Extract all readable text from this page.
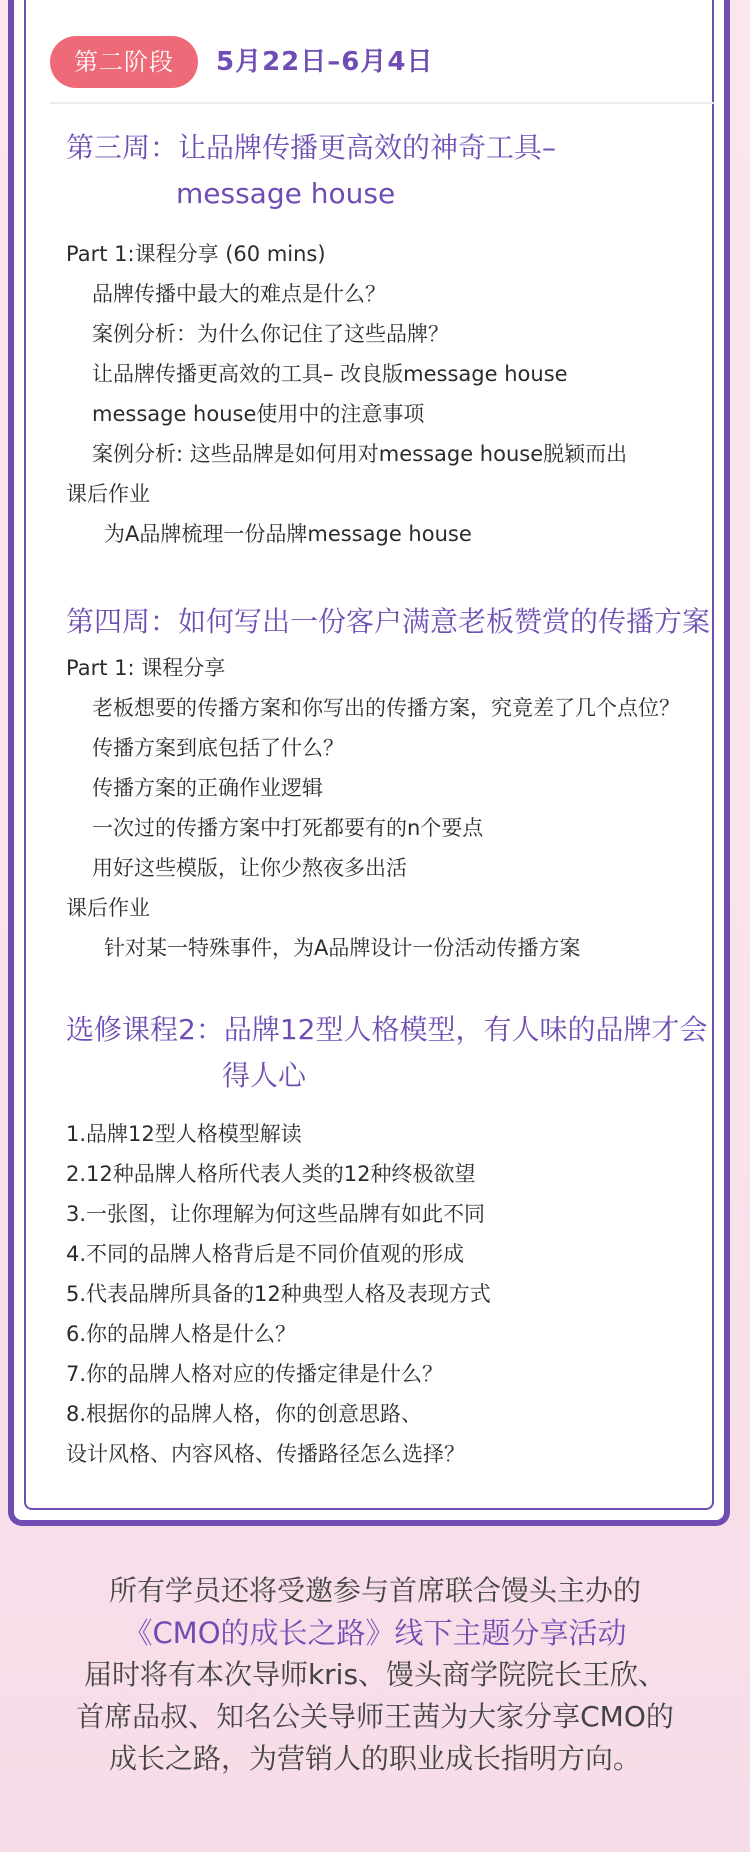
第二阶段	5月22日–6月4日
第三周：让品牌传播更高效的神奇工具–
message house
Part 1:课程分享 (60 mins)
品牌传播中最大的难点是什么？
案例分析：为什么你记住了这些品牌？
让品牌传播更高效的工具– 改良版message house
message house使用中的注意事项
案例分析: 这些品牌是如何用对message house脱颖而出
课后作业
为A品牌梳理一份品牌message house
第四周：如何写出一份客户满意老板赞赏的传播方案
Part 1: 课程分享
老板想要的传播方案和你写出的传播方案，究竟差了几个点位？
传播方案到底包括了什么？
传播方案的正确作业逻辑
一次过的传播方案中打死都要有的n个要点
用好这些模版，让你少熬夜多出活
课后作业
针对某一特殊事件，为A品牌设计一份活动传播方案
选修课程2：品牌12型人格模型，有人味的品牌才会
得人心
1.品牌12型人格模型解读
2.12种品牌人格所代表人类的12种终极欲望
3.一张图，让你理解为何这些品牌有如此不同
4.不同的品牌人格背后是不同价值观的形成
5.代表品牌所具备的12种典型人格及表现方式
6.你的品牌人格是什么？
7.你的品牌人格对应的传播定律是什么？
8.根据你的品牌人格，你的创意思路、
设计风格、内容风格、传播路径怎么选择？
所有学员还将受邀参与首席联合馒头主办的
《CMO的成长之路》线下主题分享活动
届时将有本次导师kris、馒头商学院院长王欣、
首席品叔、知名公关导师王茜为大家分享CMO的
成长之路，为营销人的职业成长指明方向。
